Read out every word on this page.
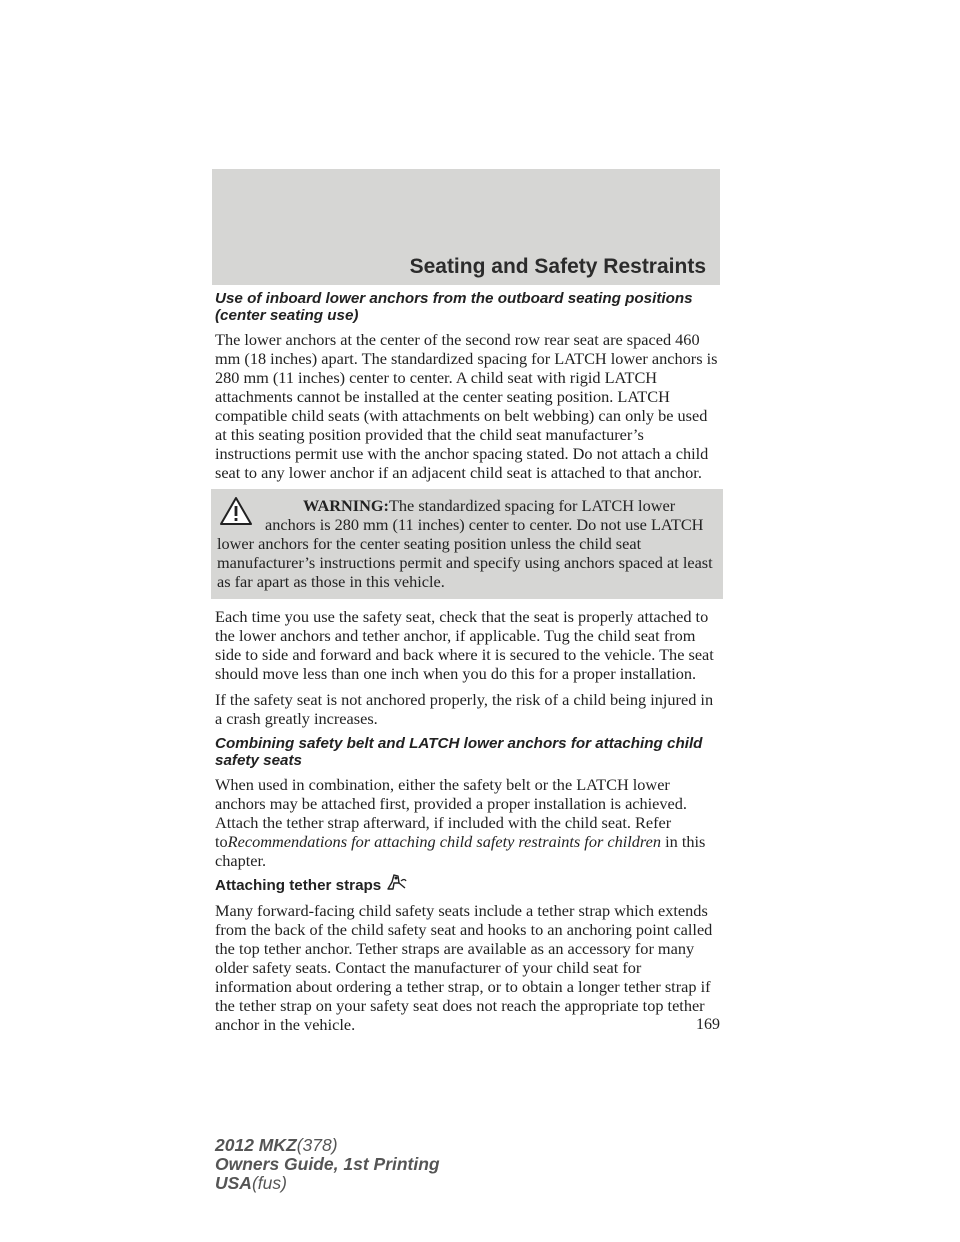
Seating and Safety Restraints
Use of inboard lower anchors from the outboard seating positions (center seating use)

The lower anchors at the center of the second row rear seat are spaced 460 mm (18 inches) apart. The standardized spacing for LATCH lower anchors is 280 mm (11 inches) center to center. A child seat with rigid LATCH attachments cannot be installed at the center seating position. LATCH compatible child seats (with attachments on belt webbing) can only be used at this seating position provided that the child seat manufacturer’s instructions permit use with the anchor spacing stated. Do not attach a child seat to any lower anchor if an adjacent child seat is attached to that anchor.

WARNING:The standardized spacing for LATCH lower anchors is 280 mm (11 inches) center to center. Do not use LATCH lower anchors for the center seating position unless the child seat manufacturer’s instructions permit and specify using anchors spaced at least as far apart as those in this vehicle.

Each time you use the safety seat, check that the seat is properly attached to the lower anchors and tether anchor, if applicable. Tug the child seat from side to side and forward and back where it is secured to the vehicle. The seat should move less than one inch when you do this for a proper installation.

If the safety seat is not anchored properly, the risk of a child being injured in a crash greatly increases.

Combining safety belt and LATCH lower anchors for attaching child safety seats

When used in combination, either the safety belt or the LATCH lower anchors may be attached first, provided a proper installation is achieved. Attach the tether strap afterward, if included with the child seat. Refer toRecommendations for attaching child safety restraints for children in this chapter.

Attaching tether straps

Many forward-facing child safety seats include a tether strap which extends from the back of the child safety seat and hooks to an anchoring point called the top tether anchor. Tether straps are available as an accessory for many older safety seats. Contact the manufacturer of your child seat for information about ordering a tether strap, or to obtain a longer tether strap if the tether strap on your safety seat does not reach the appropriate top tether anchor in the vehicle.	169
2012 MKZ(378)
Owners Guide, 1st Printing
USA(fus)
